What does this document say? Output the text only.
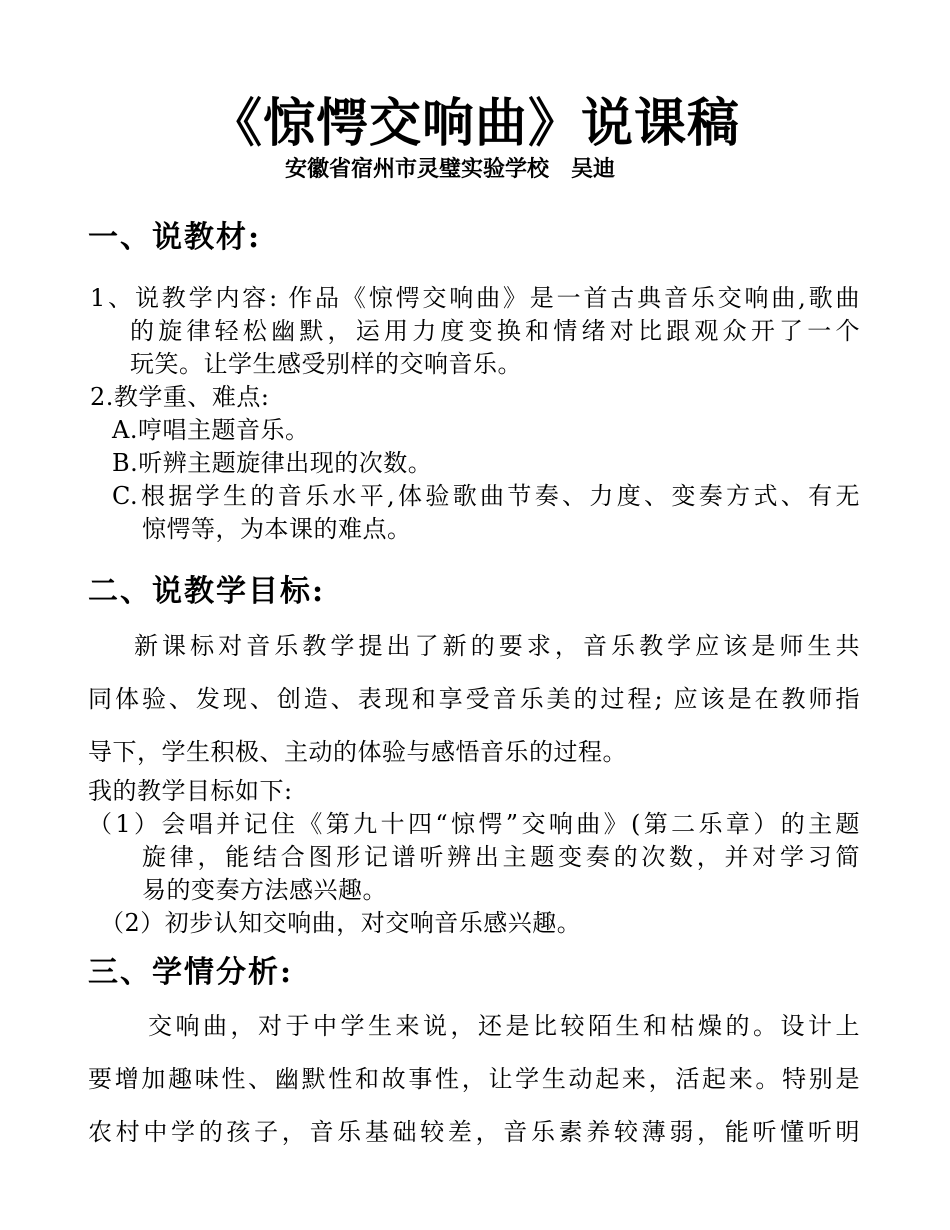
《惊愕交响曲》说课稿
安徽省宿州市灵璧实验学校　吴迪
一、说教材:
1、说教学内容: 作品《惊愕交响曲》是一首古典音乐交响曲,歌曲
的旋律轻松幽默，运用力度变换和情绪对比跟观众开了一个
玩笑。让学生感受别样的交响音乐。
2.教学重、难点:
A.哼唱主题音乐。
B.听辨主题旋律出现的次数。
C.根据学生的音乐水平,体验歌曲节奏、力度、变奏方式、有无
惊愕等，为本课的难点。
二、说教学目标:
新课标对音乐教学提出了新的要求，音乐教学应该是师生共
同体验、发现、创造、表现和享受音乐美的过程; 应该是在教师指
导下，学生积极、主动的体验与感悟音乐的过程。
我的教学目标如下:
（1）会唱并记住《第九十四“惊愕”交响曲》(第二乐章）的主题
旋律，能结合图形记谱听辨出主题变奏的次数，并对学习简
易的变奏方法感兴趣。
（2）初步认知交响曲，对交响音乐感兴趣。
三、学情分析:
交响曲，对于中学生来说，还是比较陌生和枯燥的。设计上
要增加趣味性、幽默性和故事性，让学生动起来，活起来。特别是
农村中学的孩子，音乐基础较差，音乐素养较薄弱，能听懂听明
